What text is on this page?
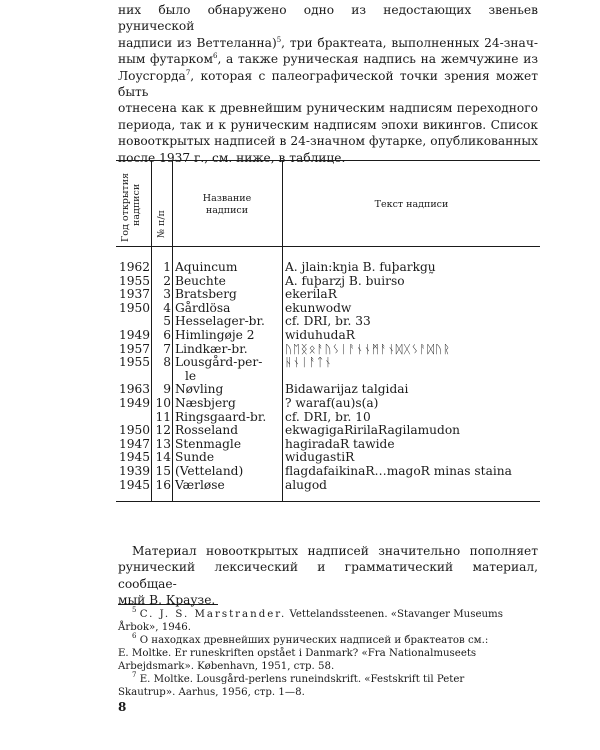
них было обнаружено одно из недостающих звеньев рунической
надписи из Веттеланна)$^5$, три брактеата, выполненных 24-знач-
ным футарком$^6$, а также руническая надпись на жемчужине из
Лоусгорда$^7$, которая с палеографической точки зрения может быть
отнесена как к древнейшим руническим надписям переходного
периода, так и к руническим надписям эпохи викингов. Список
новооткрытых надписей в 24-значном футарке, опубликованных
после 1937 г., см. ниже, в таблице.
Год открытия надписи № п/п
Название
надписи
Текст надписи
1962	1 Aquincum	A. jlain:kŋia B. fuþarkgṵ
1955	2 Beuchte	A. fuþarzj B. buirso
1937	3 Bratsberg	ekerilaR
1950	4 Gårdlösa	ekunwodw
5 Hesselager-br.	cf. DRI, br. 33
1949	6 Himlingøje 2	widuhudaR
1957	7 Lindkær-br.	ᚢᛖᛝᛟᚨᚢᛊᛁᚨᚾᚾᛗᚨᚾᛞᚷᛊᚨᛞᚢᚱ
1955	8 Lousgård-per-	ᚺᚾᛁᚨᛏᚾ
le
1963	9 Nøvling	Bidawarijaz talgidai
1949 10 Næsbjerg	? waraf(au)s(a)
11 Ringsgaard-br.	cf. DRI, br. 10
1950 12 Rosseland	ekwagigaRirilaRagilamudon
1947 13 Stenmagle	hagiradaR tawide
1945 14 Sunde	widugastiR
1939 15 (Vetteland)	flagdafaikinaR…magoR minas staina
1945 16 Værløse	alugod
Материал новооткрытых надписей значительно пополняет
рунический лексический и грамматический материал, сообщае-
мый В. Краузе.
$^5$ C. J. S. Marstrander. Vettelandssteenen. «Stavanger Museums
Årbok», 1946.
$^6$ О находках древнейших рунических надписей и брактеатов см.:
E. Moltke. Er runeskriften opstået i Danmark? «Fra Nationalmuseets
Arbejdsmark». København, 1951, стр. 58.
$^7$ E. Moltke. Lousgård-perlens runeindskrift. «Festskrift til Peter
Skautrup». Aarhus, 1956, стр. 1—8.
8
